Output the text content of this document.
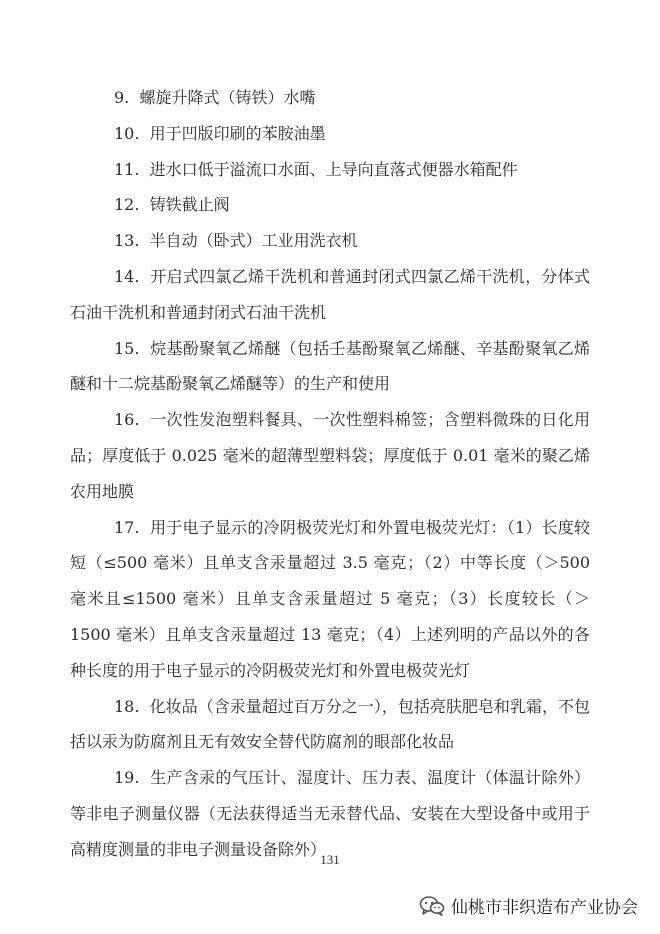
9. 螺旋升降式（铸铁）水嘴

10. 用于凹版印刷的苯胺油墨

11. 进水口低于溢流口水面、上导向直落式便器水箱配件

12. 铸铁截止阀

13. 半自动（卧式）工业用洗衣机

14. 开启式四氯乙烯干洗机和普通封闭式四氯乙烯干洗机，分体式石油干洗机和普通封闭式石油干洗机

15. 烷基酚聚氧乙烯醚（包括壬基酚聚氧乙烯醚、辛基酚聚氧乙烯醚和十二烷基酚聚氧乙烯醚等）的生产和使用

16. 一次性发泡塑料餐具、一次性塑料棉签；含塑料微珠的日化用品；厚度低于 0.025 毫米的超薄型塑料袋；厚度低于 0.01 毫米的聚乙烯农用地膜

17. 用于电子显示的冷阴极荧光灯和外置电极荧光灯：（1）长度较短（≤500 毫米）且单支含汞量超过 3.5 毫克；（2）中等长度（＞500 毫米且≤1500 毫米）且单支含汞量超过 5 毫克；（3）长度较长（＞1500 毫米）且单支含汞量超过 13 毫克；（4）上述列明的产品以外的各种长度的用于电子显示的冷阴极荧光灯和外置电极荧光灯

18. 化妆品（含汞量超过百万分之一），包括亮肤肥皂和乳霜，不包括以汞为防腐剂且无有效安全替代防腐剂的眼部化妆品

19. 生产含汞的气压计、湿度计、压力表、温度计（体温计除外）等非电子测量仪器（无法获得适当无汞替代品、安装在大型设备中或用于高精度测量的非电子测量设备除外）

131
仙桃市非织造布产业协会
